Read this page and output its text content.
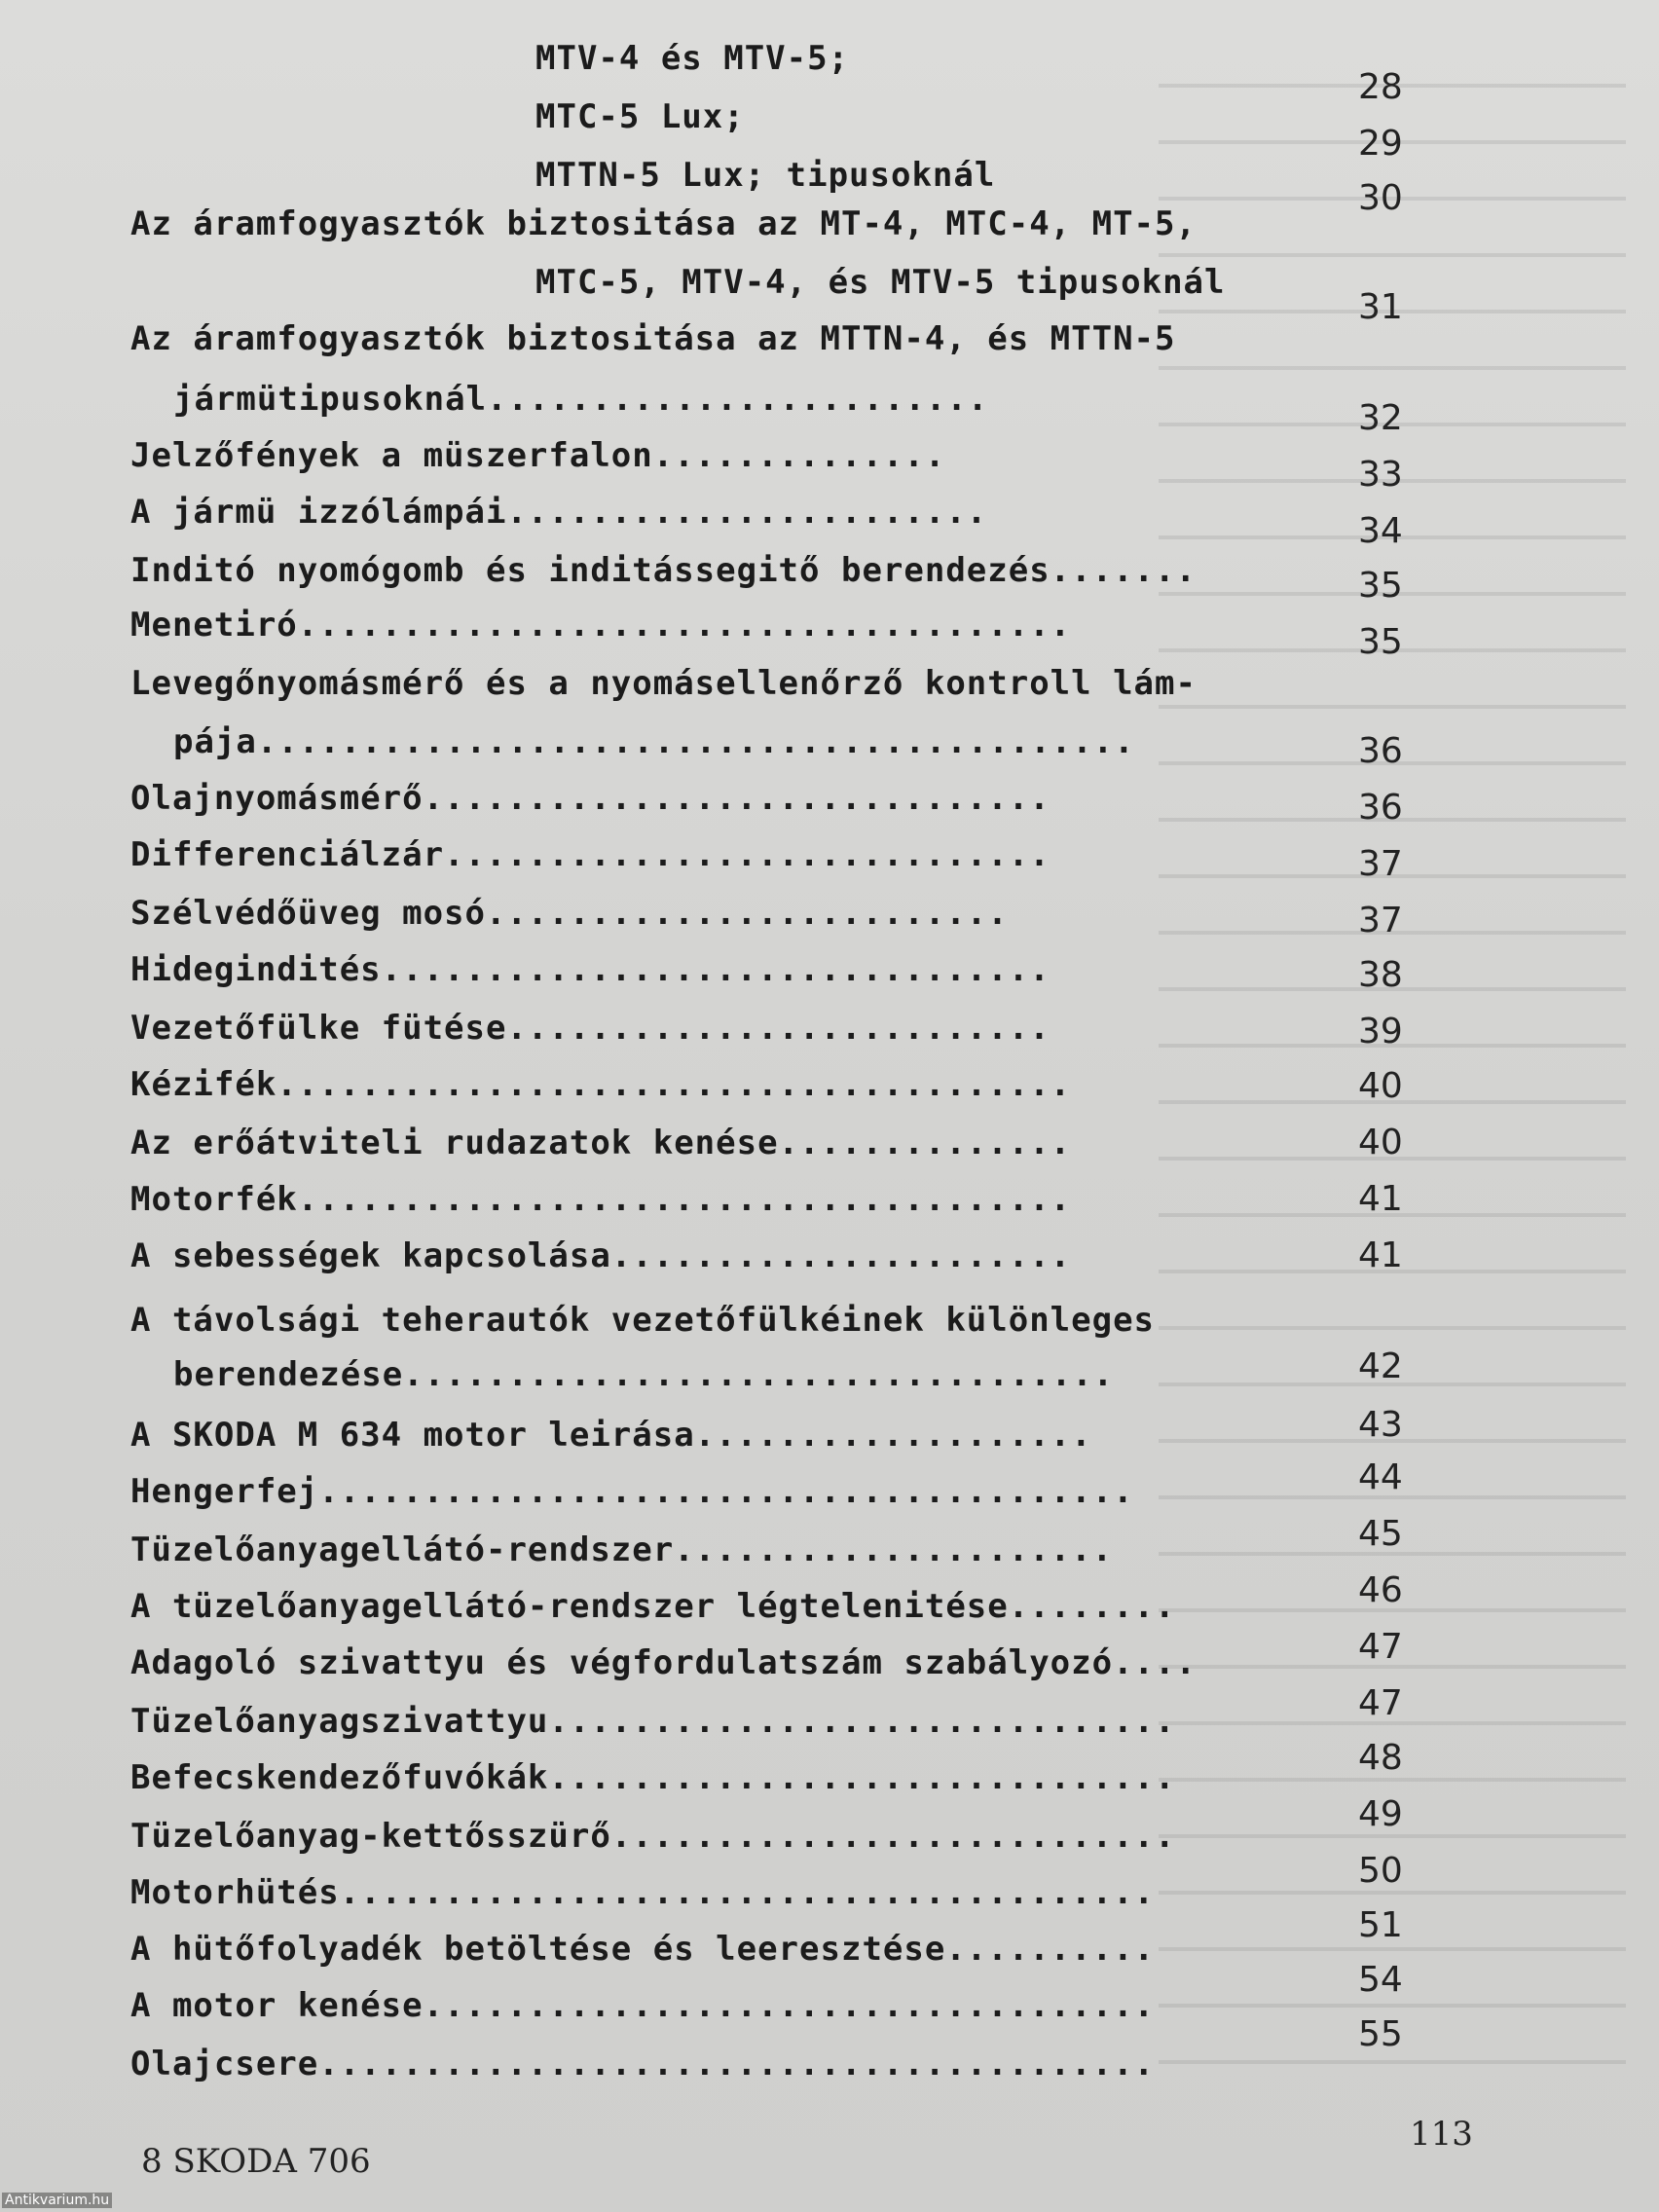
MTV-4 és MTV-5;
MTC-5 Lux;
MTTN-5 Lux; tipusoknál
Az áramfogyasztók biztositása az MT-4, MTC-4, MT-5,
MTC-5, MTV-4, és MTV-5 tipusoknál
Az áramfogyasztók biztositása az MTTN-4, és MTTN-5
jármütipusoknál........................
Jelzőfények a müszerfalon..............
A jármü izzólámpái.......................
Inditó nyomógomb és inditássegitő berendezés.......
Menetiró.....................................
Levegőnyomásmérő és a nyomásellenőrző kontroll lám-
pája..........................................
Olajnyomásmérő..............................
Differenciálzár.............................
Szélvédőüveg mosó.........................
Hidegindités................................
Vezetőfülke fütése..........................
Kézifék......................................
Az erőátviteli rudazatok kenése..............
Motorfék.....................................
A sebességek kapcsolása......................
A távolsági teherautók vezetőfülkéinek különleges
berendezése..................................
A SKODA M 634 motor leirása...................
Hengerfej.......................................
Tüzelőanyagellátó-rendszer.....................
A tüzelőanyagellátó-rendszer légtelenitése........
Adagoló szivattyu és végfordulatszám szabályozó....
Tüzelőanyagszivattyu..............................
Befecskendezőfuvókák..............................
Tüzelőanyag-kettősszürő...........................
Motorhütés.......................................
A hütőfolyadék betöltése és leeresztése..........
A motor kenése...................................
Olajcsere........................................
28
29
30
31
32
33
34
35
35
36
36
37
37
38
39
40
40
41
41
42
43
44
45
46
47
47
48
49
50
51
54
55
8 SKODA 706
113
Antikvarium.hu
